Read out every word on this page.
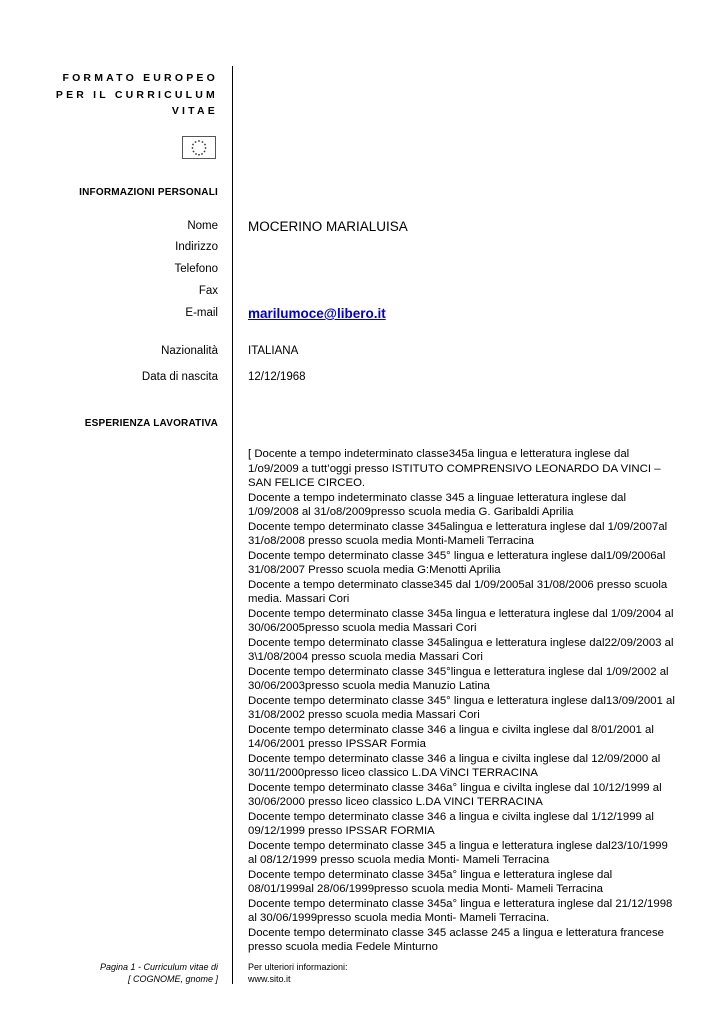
FORMATO EUROPEO
PER IL CURRICULUM
VITAE
INFORMAZIONI PERSONALI
Nome MOCERINO MARIALUISA
Indirizzo
Telefono
Fax
E-mail marilumoce@libero.it
Nazionalità	ITALIANA
Data di nascita	12/12/1968
ESPERIENZA LAVORATIVA

[ Docente a tempo indeterminato classe345a lingua e letteratura inglese dal 1/o9/2009 a tutt’oggi presso ISTITUTO COMPRENSIVO LEONARDO DA VINCI –SAN FELICE CIRCEO.

Docente a tempo indeterminato classe 345 a linguae letteratura inglese dal 1/09/2008 al 31/o8/2009presso scuola media G. Garibaldi Aprilia

Docente tempo determinato classe 345alingua e letteratura inglese dal 1/09/2007al 31/o8/2008 presso scuola media Monti-Mameli Terracina

Docente tempo determinato classe 345° lingua e letteratura inglese dal1/09/2006al 31/08/2007 Presso scuola media G:Menotti Aprilia

Docente a tempo determinato classe345 dal 1/09/2005al 31/08/2006 presso scuola media. Massari Cori

Docente tempo determinato classe 345a lingua e letteratura inglese dal 1/09/2004 al 30/06/2005presso scuola media Massari Cori

Docente tempo determinato classe 345alingua e letteratura inglese dal22/09/2003 al 3\1/08/2004 presso scuola media Massari Cori

Docente tempo determinato classe 345°lingua e letteratura inglese dal 1/09/2002 al 30/06/2003presso scuola media Manuzio Latina

Docente tempo determinato classe 345° lingua e letteratura inglese dal13/09/2001 al 31/08/2002 presso scuola media Massari Cori

Docente tempo determinato classe 346 a lingua e civilta inglese dal 8/01/2001 al 14/06/2001 presso IPSSAR Formia

Docente tempo determinato classe 346 a lingua e civilta inglese dal 12/09/2000 al 30/11/2000presso liceo classico L.DA ViNCI TERRACINA

Docente tempo determinato classe 346a° lingua e civilta inglese dal 10/12/1999 al 30/06/2000 presso liceo classico L.DA VINCI TERRACINA

Docente tempo determinato classe 346 a lingua e civilta inglese dal 1/12/1999 al 09/12/1999 presso IPSSAR FORMIA

Docente tempo determinato classe 345 a lingua e letteratura inglese dal23/10/1999 al 08/12/1999 presso scuola media Monti- Mameli Terracina

Docente tempo determinato classe 345a° lingua e letteratura inglese dal 08/01/1999al 28/06/1999presso scuola media Monti- Mameli Terracina

Docente tempo determinato classe 345a° lingua e letteratura inglese dal 21/12/1998 al 30/06/1999presso scuola media Monti- Mameli Terracina.

Docente tempo determinato classe 345 aclasse 245 a lingua e letteratura francese presso scuola media Fedele Minturno

Pagina 1 - Curriculum vitae di
[ COGNOME, gnome ]
Per ulteriori informazioni:
www.sito.it
